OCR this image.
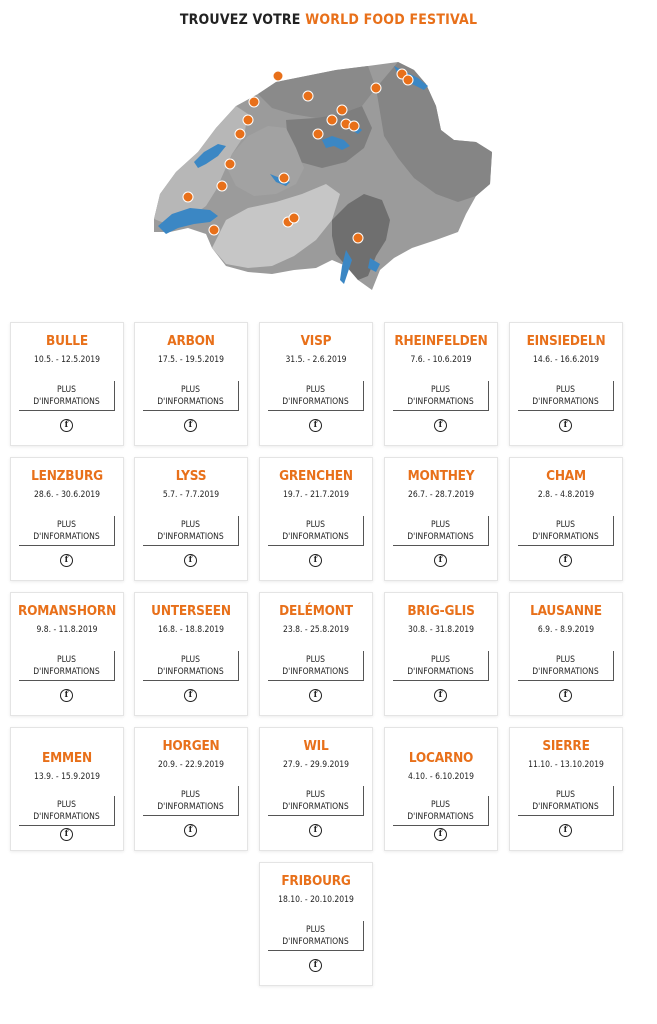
TROUVEZ VOTRE WORLD FOOD FESTIVAL
BULLE
10.5. - 12.5.2019
PLUS
D'INFORMATIONS
f
ARBON
17.5. - 19.5.2019
PLUS
D'INFORMATIONS
f
VISP
31.5. - 2.6.2019
PLUS
D'INFORMATIONS
f
RHEINFELDEN
7.6. - 10.6.2019
PLUS
D'INFORMATIONS
f
EINSIEDELN
14.6. - 16.6.2019
PLUS
D'INFORMATIONS
f
LENZBURG
28.6. - 30.6.2019
PLUS
D'INFORMATIONS
f
LYSS
5.7. - 7.7.2019
PLUS
D'INFORMATIONS
f
GRENCHEN
19.7. - 21.7.2019
PLUS
D'INFORMATIONS
f
MONTHEY
26.7. - 28.7.2019
PLUS
D'INFORMATIONS
f
CHAM
2.8. - 4.8.2019
PLUS
D'INFORMATIONS
f
ROMANSHORN
9.8. - 11.8.2019
PLUS
D'INFORMATIONS
f
UNTERSEEN
16.8. - 18.8.2019
PLUS
D'INFORMATIONS
f
DELÉMONT
23.8. - 25.8.2019
PLUS
D'INFORMATIONS
f
BRIG-GLIS
30.8. - 31.8.2019
PLUS
D'INFORMATIONS
f
LAUSANNE
6.9. - 8.9.2019
PLUS
D'INFORMATIONS
f
EMMEN
13.9. - 15.9.2019
PLUS
D'INFORMATIONS
f
HORGEN
20.9. - 22.9.2019
PLUS
D'INFORMATIONS
f
WIL
27.9. - 29.9.2019
PLUS
D'INFORMATIONS
f
LOCARNO
4.10. - 6.10.2019
PLUS
D'INFORMATIONS
f
SIERRE
11.10. - 13.10.2019
PLUS
D'INFORMATIONS
f
FRIBOURG
18.10. - 20.10.2019
PLUS
D'INFORMATIONS
f
